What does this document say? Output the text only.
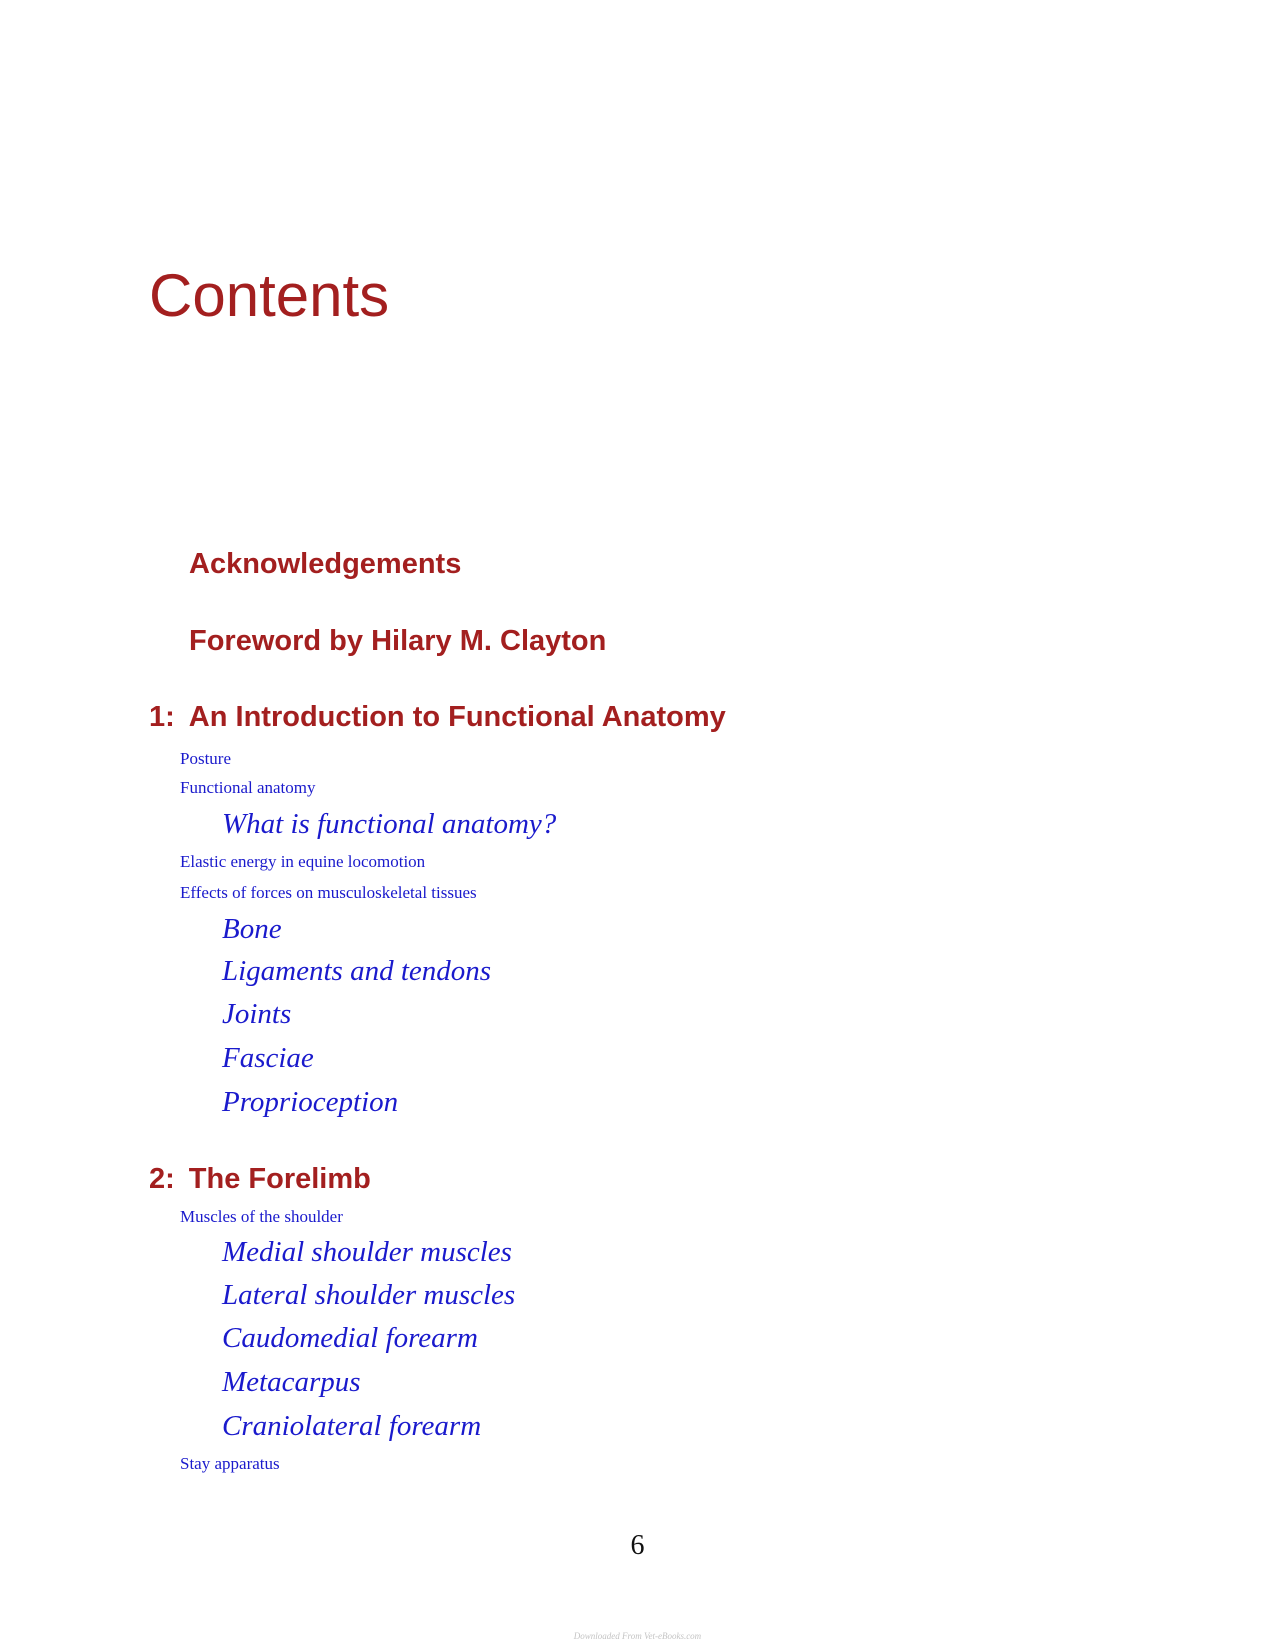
Contents
Acknowledgements
Foreword by Hilary M. Clayton
1: An Introduction to Functional Anatomy
Posture
Functional anatomy
What is functional anatomy?
Elastic energy in equine locomotion
Effects of forces on musculoskeletal tissues
Bone
Ligaments and tendons
Joints
Fasciae
Proprioception
2: The Forelimb
Muscles of the shoulder
Medial shoulder muscles
Lateral shoulder muscles
Caudomedial forearm
Metacarpus
Craniolateral forearm
Stay apparatus
6
Downloaded From Vet-eBooks.com
